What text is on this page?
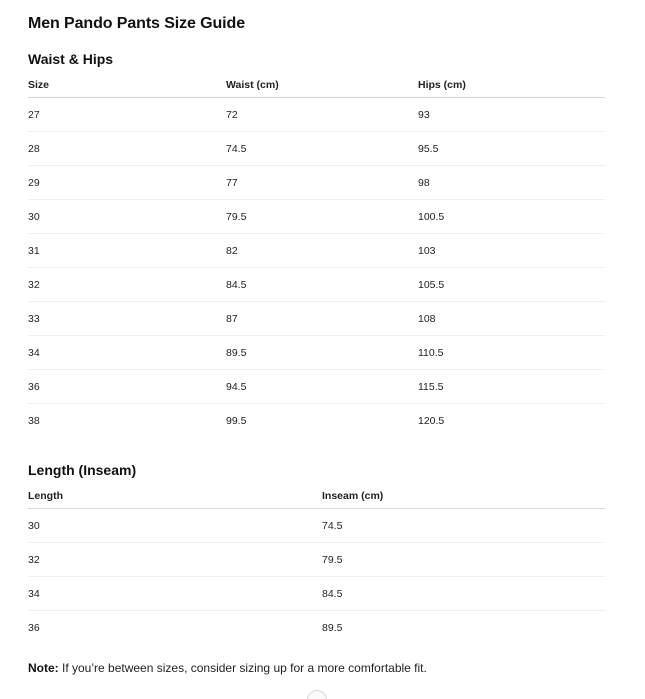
Men Pando Pants Size Guide
Waist & Hips
Size	Waist (cm)	Hips (cm)
27	72	93
28	74.5	95.5
29	77	98
30	79.5	100.5
31	82	103
32	84.5	105.5
33	87	108
34	89.5	110.5
36	94.5	115.5
38	99.5	120.5
Length (Inseam)
Length	Inseam (cm)
30	74.5
32	79.5
34	84.5
36	89.5
Note: If you’re between sizes, consider sizing up for a more comfortable fit.
